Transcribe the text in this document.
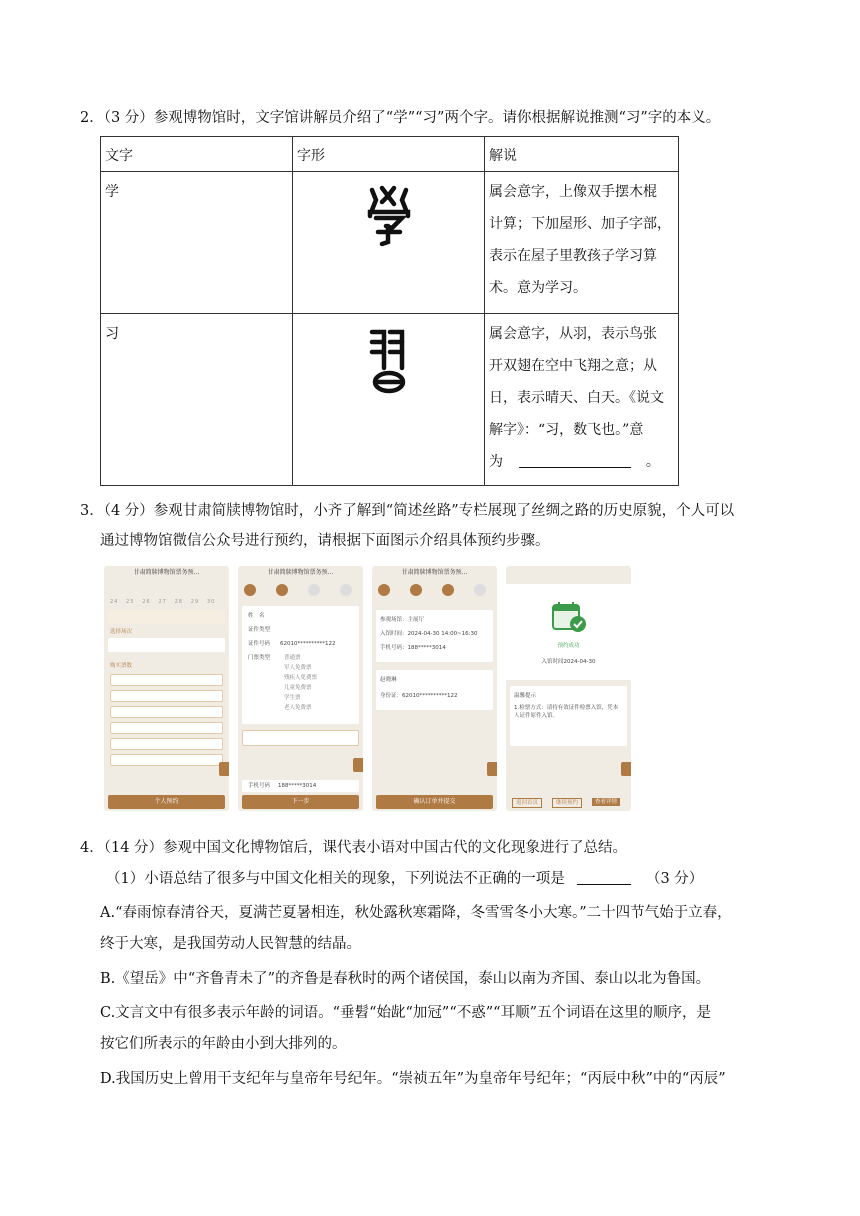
2．（3 分）参观博物馆时，文字馆讲解员介绍了“学”“习”两个字。请你根据解说推测“习”字的本义。
文字	字形	解说
学		属会意字，上像双手摆木棍
计算；下加屋形、加子字部，
表示在屋子里教孩子学习算
术。意为学习。

习		属会意字，从羽，表示鸟张
开双翅在空中飞翔之意；从
日，表示晴天、白天。《说文
解字》：“习，数飞也。”意
为 。
3．（4 分）参观甘肃简牍博物馆时，小齐了解到“简述丝路”专栏展现了丝绸之路的历史原貌，个人可以
通过博物馆微信公众号进行预约，请根据下面图示介绍具体预约步骤。
甘肃简牍博物馆票务预...
24 25 26 27 28 29 30
选择场次
购买票数
个人预约
甘肃简牍博物馆票务预...
姓　名
证件类型
证件号码 62010**********122
门票类型	普通票
军人免费票
残疾人免费票
儿童免费票
学生票
老人免费票
手机号码 188*****3014
下一步
甘肃简牍博物馆票务预...
参观场馆：主展厅
入馆时间：2024-04-30 14:00~16:30
手机号码：188*****3014
赵晓琳
身份证：62010**********122
确认订单并提交
预约成功
入馆时间2024-04-30
温馨提示
1.检票方式：请持有效证件检票入馆，凭本人证件原件入馆。
返回首页	继续预约	查看详情
4．（14 分）参观中国文化博物馆后，课代表小语对中国古代的文化现象进行了总结。
（1）小语总结了很多与中国文化相关的现象，下列说法不正确的一项是	（3 分）
A.“春雨惊春清谷天，夏满芒夏暑相连，秋处露秋寒霜降，冬雪雪冬小大寒。”二十四节气始于立春，
终于大寒，是我国劳动人民智慧的结晶。
B.《望岳》中“齐鲁青未了”的齐鲁是春秋时的两个诸侯国，泰山以南为齐国、泰山以北为鲁国。
C.文言文中有很多表示年龄的词语。“垂髫“始龀“加冠”“不惑”“耳顺”五个词语在这里的顺序，是
按它们所表示的年龄由小到大排列的。
D.我国历史上曾用干支纪年与皇帝年号纪年。“崇祯五年”为皇帝年号纪年；“丙辰中秋”中的“丙辰”
